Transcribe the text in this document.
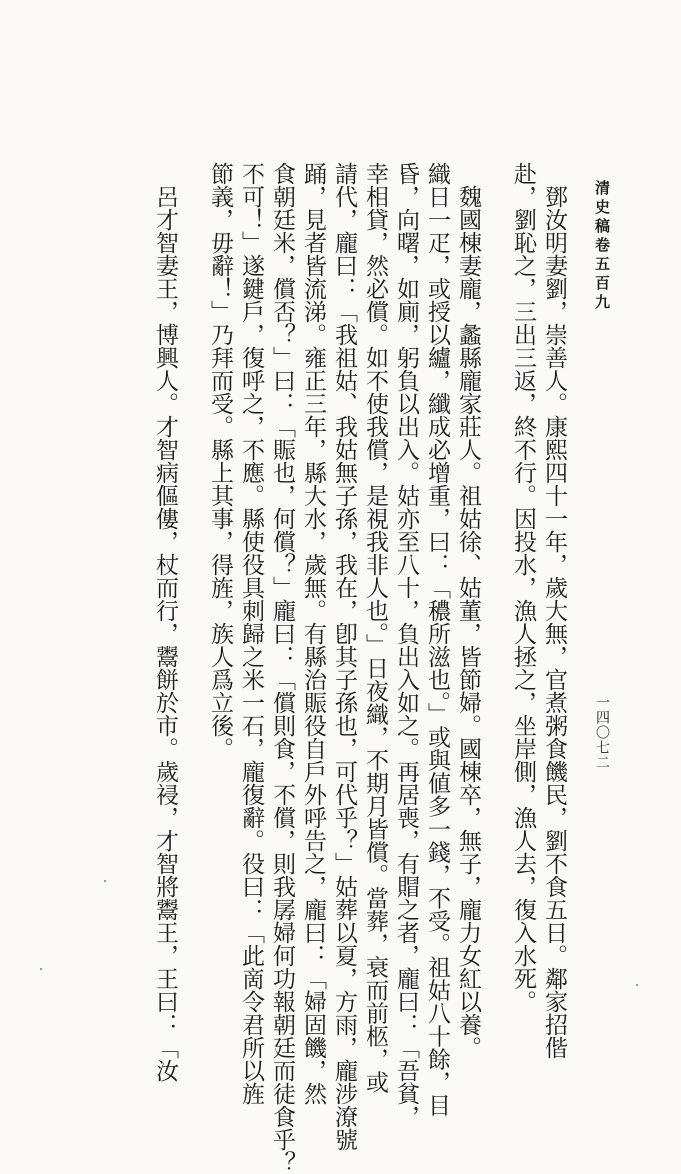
清史稿卷五百九
一四〇七二

鄧汝明妻劉，崇善人。康熙四十一年，歲大無，官煮粥食饑民，劉不食五日。鄰家招偕

赴，劉恥之，三出三返，終不行。因投水，漁人拯之，坐岸側，漁人去，復入水死。

魏國棟妻龐，蠡縣龐家莊人。祖姑徐、姑董，皆節婦。國棟卒，無子，龐力女紅以養。

織日一疋，或授以纑，纖成必增重，曰：「穠所滋也。」或與値多一錢，不受。祖姑八十餘，目

昏，向曙，如廁，躬負以出入。姑亦至八十，負出入如之。再居喪，有賵之者，龐曰：「吾貧，

幸相貸，然必償。如不使我償，是視我非人也。」日夜織，不期月皆償。當葬，衰而前柩，或

請代，龐曰：「我祖姑、我姑無子孫，我在，卽其子孫也，可代乎？」姑葬以夏，方雨，龐涉潦號

踊，見者皆流涕。雍正三年，縣大水，歲無。有縣治賑役自戶外呼告之，龐曰：「婦固饑，然

食朝廷米，償否？」曰：「賑也，何償？」龐曰：「償則食，不償，則我孱婦何功報朝廷而徒食乎？

不可！」遂鍵戶，復呼之，不應。縣使役具刺歸之米一石，龐復辭。役曰：「此啇令君所以旌

節義，毋辭！」乃拜而受。縣上其事，得旌，族人爲立後。

呂才智妻王，博興人。才智病傴僂，杖而行，鬻餅於市。歲祲，才智將鬻王，王曰：「汝
